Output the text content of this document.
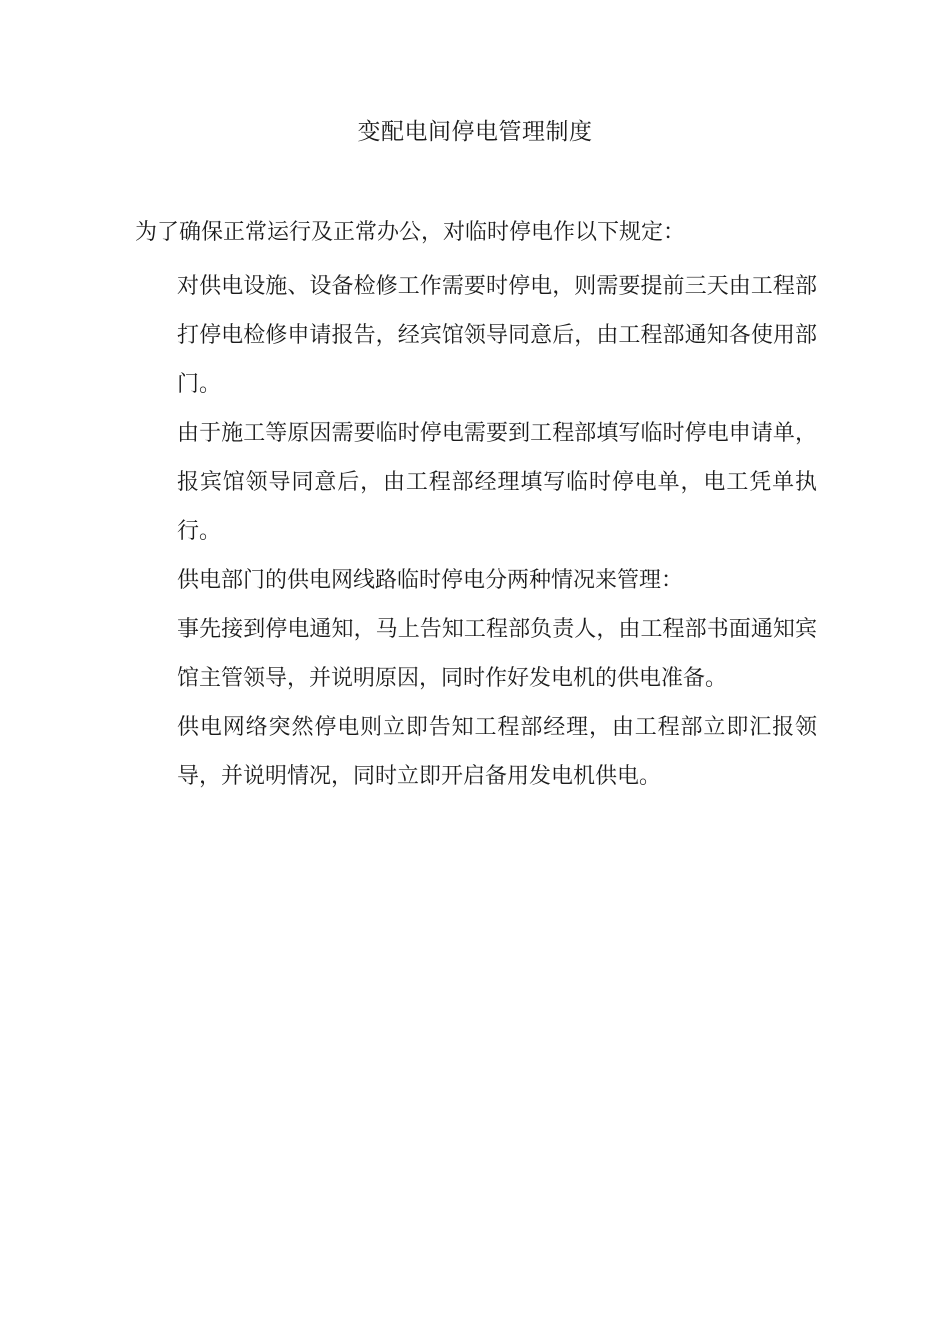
变配电间停电管理制度
为了确保正常运行及正常办公，对临时停电作以下规定：

对供电设施、设备检修工作需要时停电，则需要提前三天由工程部打停电检修申请报告，经宾馆领导同意后，由工程部通知各使用部门。

由于施工等原因需要临时停电需要到工程部填写临时停电申请单，报宾馆领导同意后，由工程部经理填写临时停电单，电工凭单执行。

供电部门的供电网线路临时停电分两种情况来管理：

事先接到停电通知，马上告知工程部负责人，由工程部书面通知宾馆主管领导，并说明原因，同时作好发电机的供电准备。

供电网络突然停电则立即告知工程部经理，由工程部立即汇报领导，并说明情况，同时立即开启备用发电机供电。
